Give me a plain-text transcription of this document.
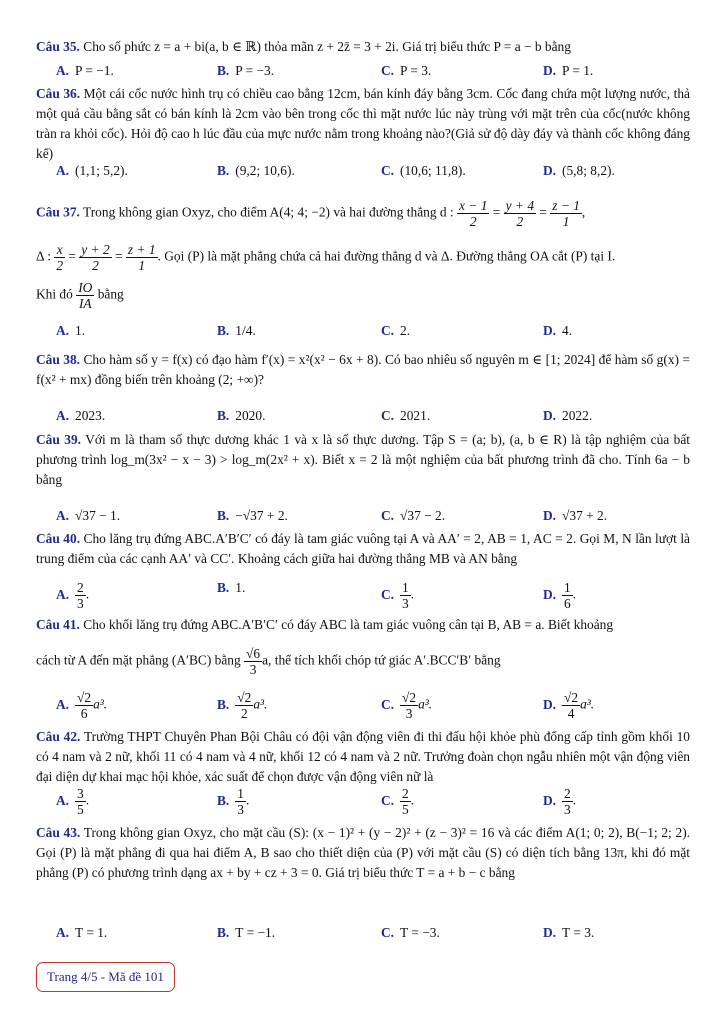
Câu 35. Cho số phức z = a + bi(a, b ∈ ℝ) thỏa mãn z + 2z̄ = 3 + 2i. Giá trị biểu thức P = a − b bằng
A. P = −1.	B. P = −3.	C. P = 3.	D. P = 1.
Câu 36. Một cái cốc nước hình trụ có chiều cao bằng 12cm, bán kính đáy bằng 3cm. Cốc đang chứa một lượng nước, thả một quả cầu bằng sắt có bán kính là 2cm vào bên trong cốc thì mặt nước lúc này trùng với mặt trên của cốc(nước không tràn ra khỏi cốc). Hỏi độ cao h lúc đầu của mực nước nằm trong khoảng nào?(Giả sử độ dày đáy và thành cốc không đáng kể)
A. (1,1; 5,2).	B. (9,2; 10,6).	C. (10,6; 11,8).	D. (5,8; 8,2).
Câu 37. Trong không gian Oxyz, cho điểm A(4; 4; −2) và hai đường thẳng d : $\frac{x - 1}{2} = \frac{y + 4}{2} = \frac{z - 1}{1}$ ,
Δ : $\frac{x}{2} = \frac{y + 2}{2} = \frac{z + 1}{1}$ . Gọi (P) là mặt phẳng chứa cả hai đường thẳng d và Δ. Đường thẳng OA cắt (P) tại I.
Khi đó $\frac{IO}{IA}$ bằng
A. 1.	B. 1/4.	C. 2.	D. 4.
Câu 38. Cho hàm số y = f(x) có đạo hàm f′(x) = x²(x² − 6x + 8). Có bao nhiêu số nguyên m ∈ [1; 2024] để hàm số g(x) = f(x² + mx) đồng biến trên khoảng (2; +∞)?
A. 2023.	B. 2020.	C. 2021.	D. 2022.
Câu 39. Với m là tham số thực dương khác 1 và x là số thực dương. Tập S = (a; b), (a, b ∈ R) là tập nghiệm của bất phương trình log_m(3x² − x − 3) > log_m(2x² + x). Biết x = 2 là một nghiệm của bất phương trình đã cho. Tính 6a − b bằng
A. √37 − 1.	B. −√37 + 2.	C. √37 − 2.	D. √37 + 2.
Câu 40. Cho lăng trụ đứng ABC.A′B′C′ có đáy là tam giác vuông tại A và AA′ = 2, AB = 1, AC = 2. Gọi M, N lần lượt là trung điểm của các cạnh AA′ và CC′. Khoảng cách giữa hai đường thẳng MB và AN bằng
A. $\frac{2}{3}$ .	B. 1.	C. $\frac{1}{3}$ .	D. $\frac{1}{6}$ .
Câu 41. Cho khối lăng trụ đứng ABC.A′B′C′ có đáy ABC là tam giác vuông cân tại B, AB = a. Biết khoảng
cách từ A đến mặt phẳng (A′BC) bằng $\frac{√6}{3} a$, thể tích khối chóp tứ giác A′.BCC′B′ bằng
A. $\frac{√2}{6} a^3$.	B. $\frac{√2}{2} a^3$.	C. $\frac{√2}{3} a^3$.	D. $\frac{√2}{4} a^3$.
Câu 42. Trường THPT Chuyên Phan Bội Châu có đội vận động viên đi thi đấu hội khỏe phù đổng cấp tỉnh gồm khối 10 có 4 nam và 2 nữ, khối 11 có 4 nam và 4 nữ, khối 12 có 4 nam và 2 nữ. Trưởng đoàn chọn ngẫu nhiên một vận động viên đại diện dự khai mạc hội khỏe, xác suất để chọn được vận động viên nữ là
A. $\frac{3}{5}$ .	B. $\frac{1}{3}$ .	C. $\frac{2}{5}$ .	D. $\frac{2}{3}$ .
Câu 43. Trong không gian Oxyz, cho mặt cầu (S): (x − 1)² + (y − 2)² + (z − 3)² = 16 và các điểm A(1; 0; 2), B(−1; 2; 2). Gọi (P) là mặt phẳng đi qua hai điểm A, B sao cho thiết diện của (P) với mặt cầu (S) có diện tích bằng 13π, khi đó mặt phẳng (P) có phương trình dạng ax + by + cz + 3 = 0. Giá trị biểu thức T = a + b − c bằng
A. T = 1.	B. T = −1.	C. T = −3.	D. T = 3.
Trang 4/5 - Mã đề 101
